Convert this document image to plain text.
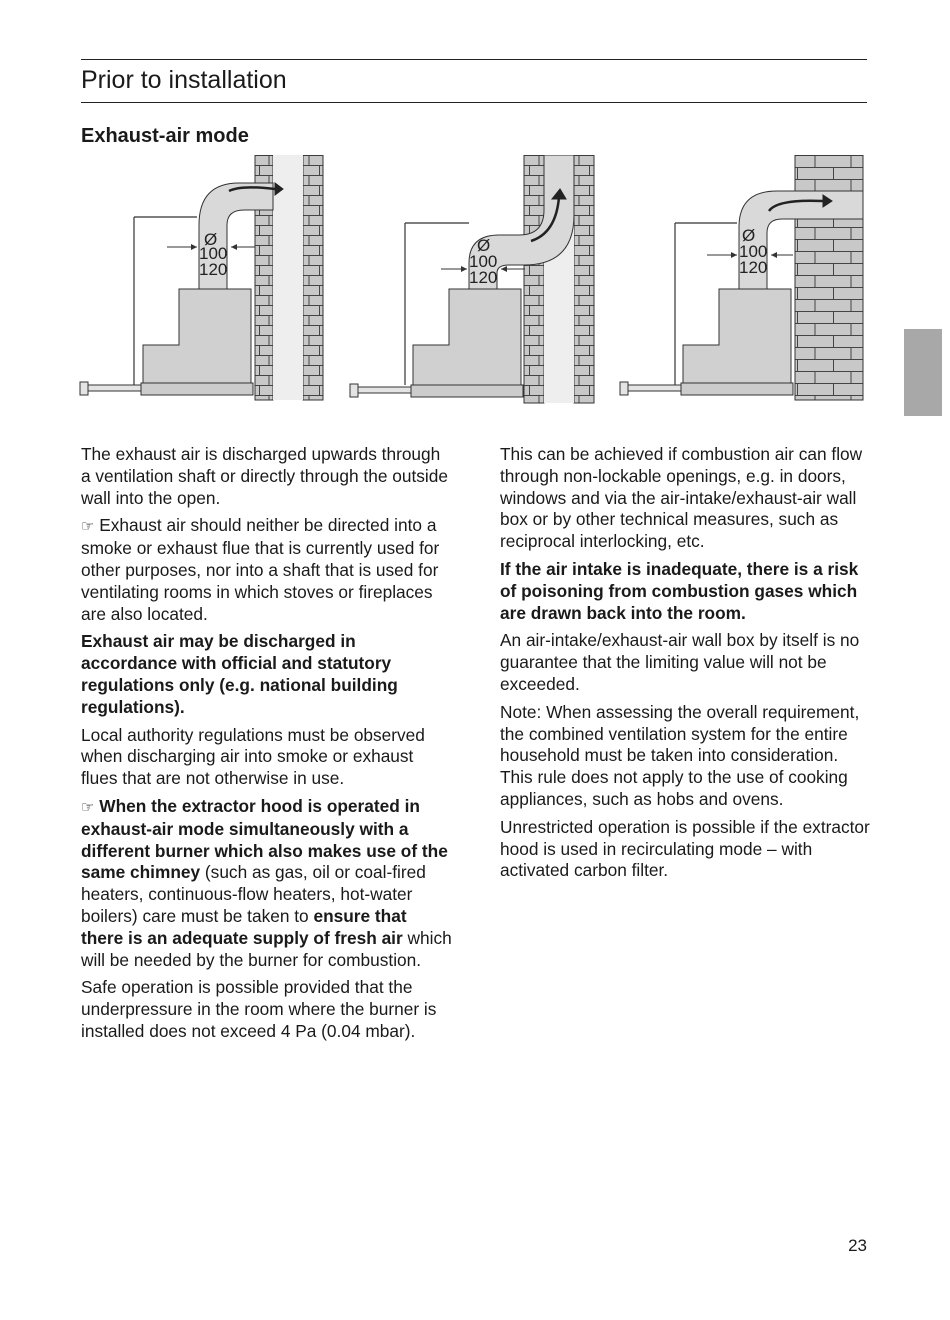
Prior to installation
Exhaust-air mode
Ø
100
120
Ø
100
120
Ø
100
120

The exhaust air is discharged upwards through a ventilation shaft or directly through the outside wall into the open.

☞ Exhaust air should neither be directed into a smoke or exhaust flue that is currently used for other purposes, nor into a shaft that is used for ventilating rooms in which stoves or fireplaces are also located.

Exhaust air may be discharged in accordance with official and statutory regulations only (e.g. national building regulations).

Local authority regulations must be observed when discharging air into smoke or exhaust flues that are not otherwise in use.

☞ When the extractor hood is operated in exhaust-air mode simultaneously with a different burner which also makes use of the same chimney (such as gas, oil or coal-fired heaters, continuous-flow heaters, hot-water boilers) care must be taken to ensure that there is an adequate supply of fresh air which will be needed by the burner for combustion.

Safe operation is possible provided that the underpressure in the room where the burner is installed does not exceed 4 Pa (0.04 mbar).

This can be achieved if combustion air can flow through non-lockable openings, e.g. in doors, windows and via the air-intake/exhaust-air wall box or by other technical measures, such as reciprocal interlocking, etc.

If the air intake is inadequate, there is a risk of poisoning from combustion gases which are drawn back into the room.

An air-intake/exhaust-air wall box by itself is no guarantee that the limiting value will not be exceeded.

Note: When assessing the overall requirement, the combined ventilation system for the entire household must be taken into consideration. This rule does not apply to the use of cooking appliances, such as hobs and ovens.

Unrestricted operation is possible if the extractor hood is used in recirculating mode – with activated carbon filter.

23
